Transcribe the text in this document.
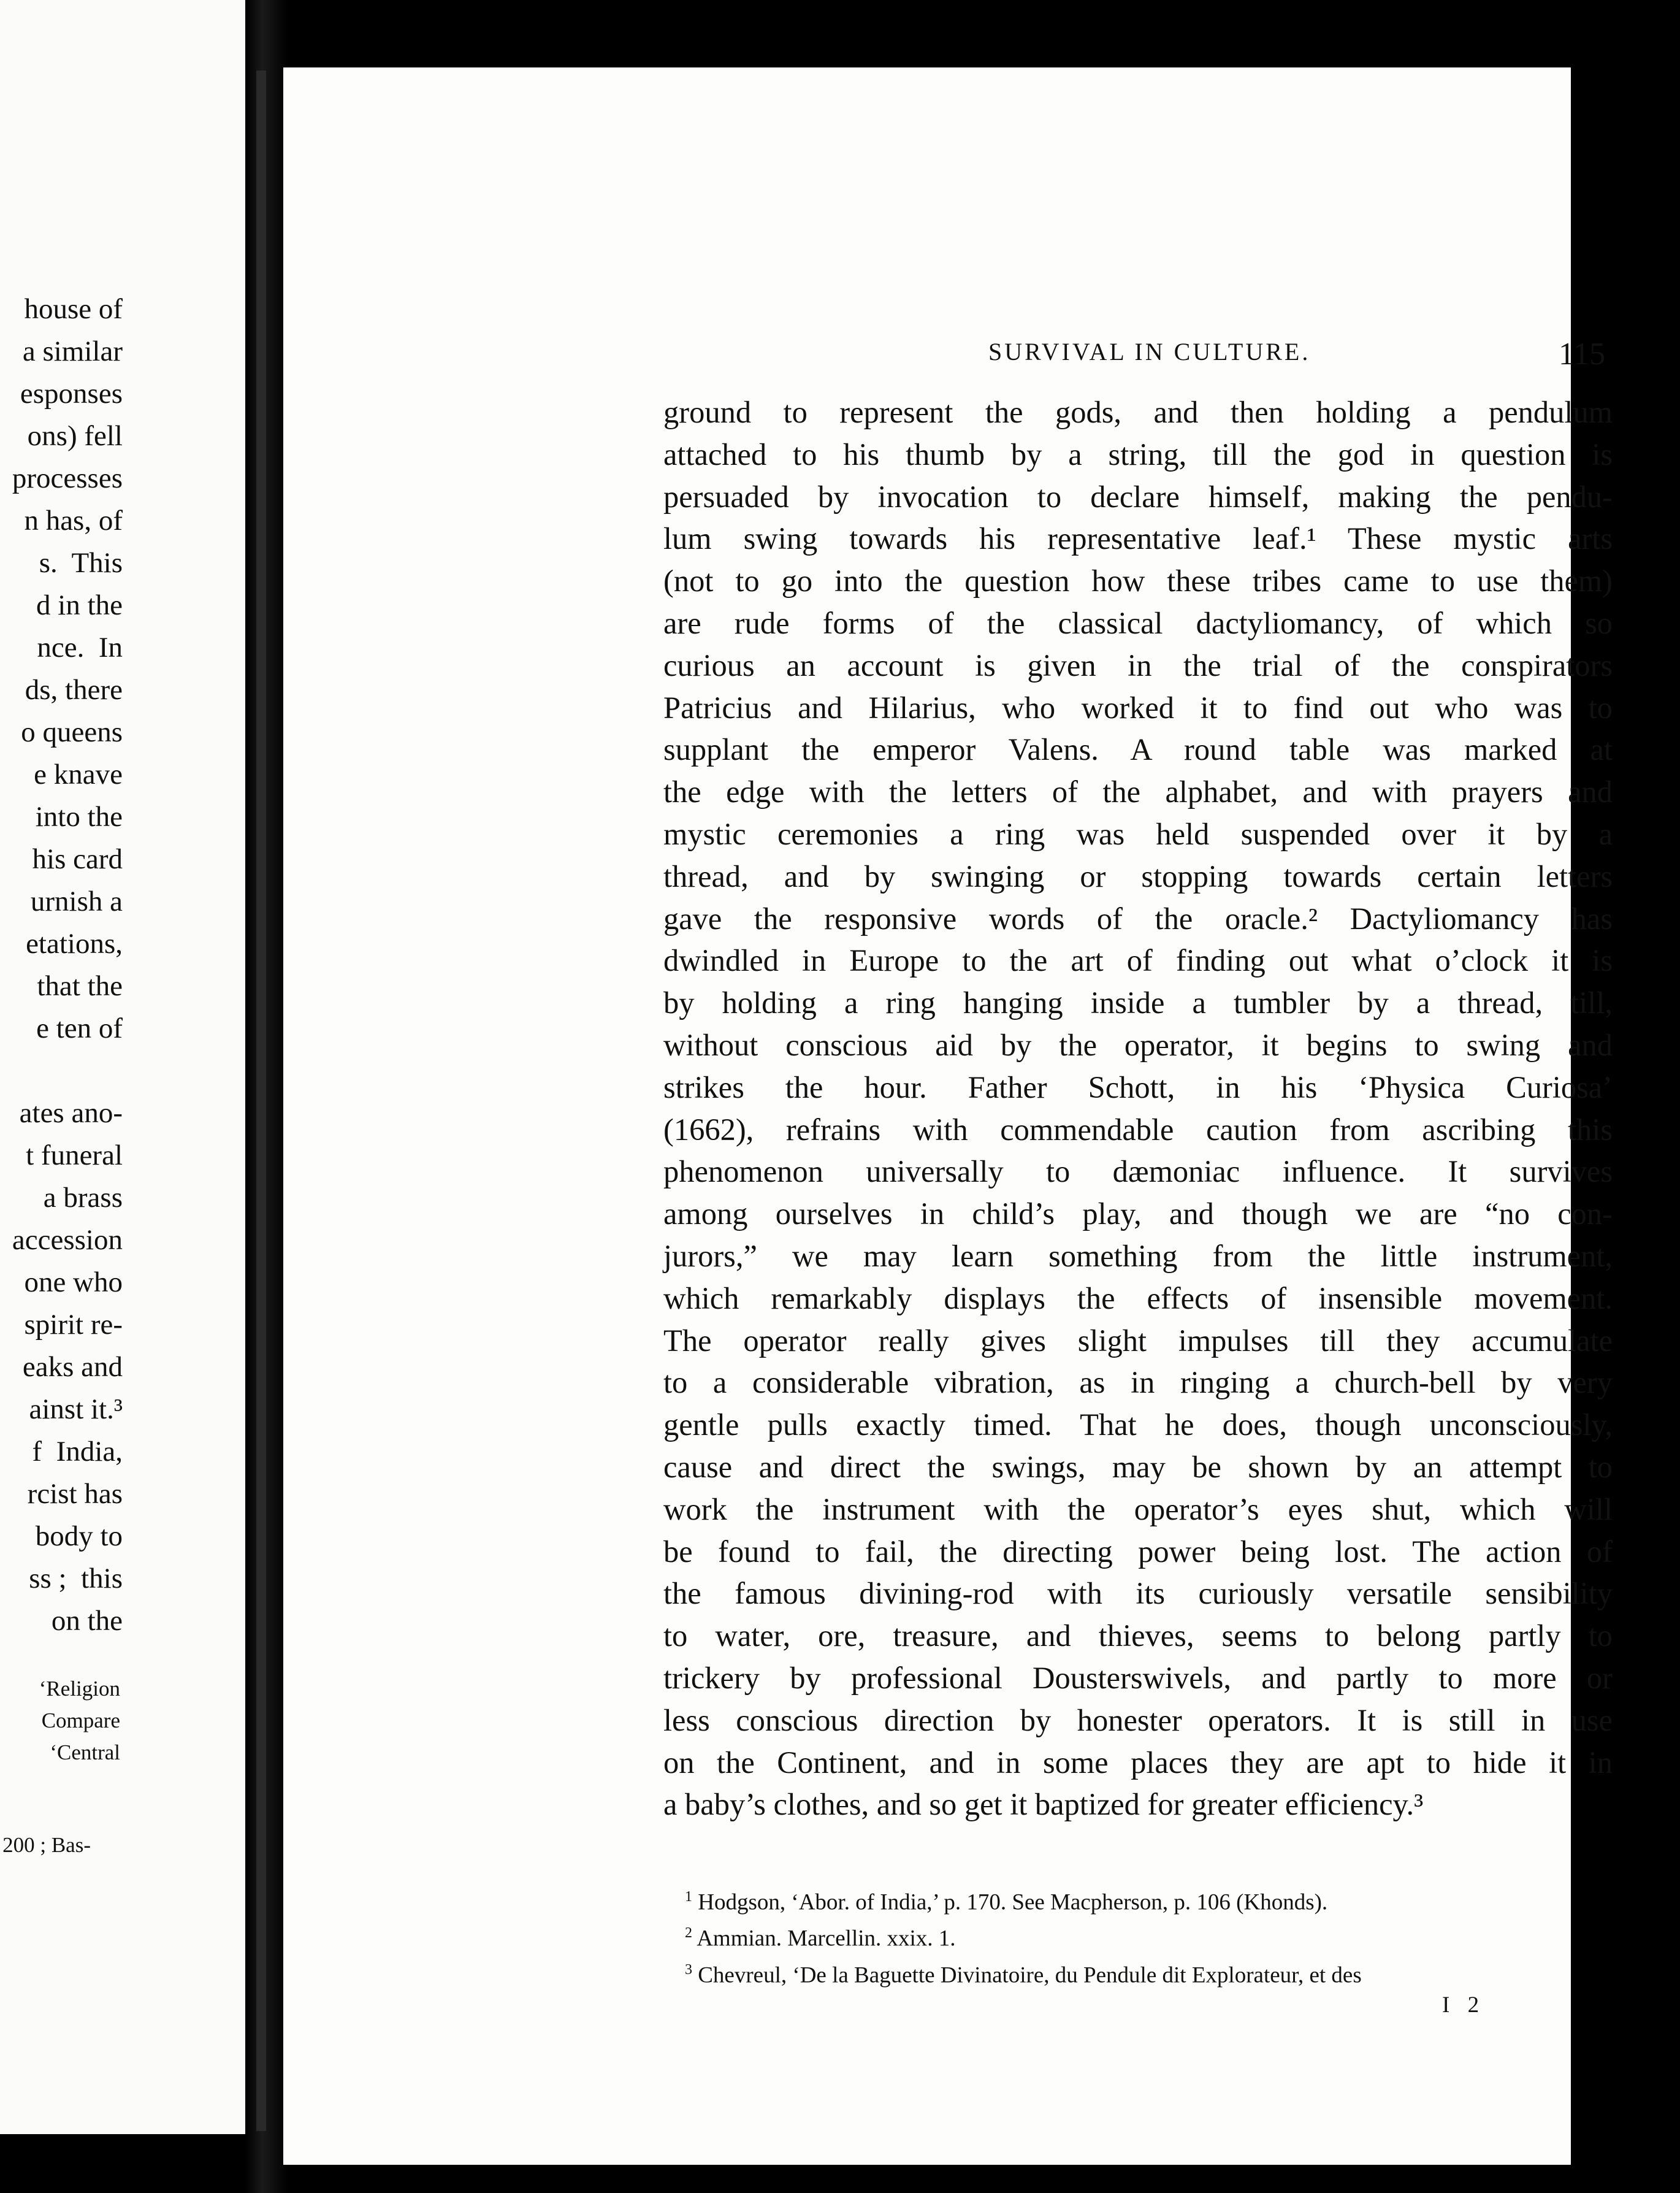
house of
a similar
esponses
ons) fell
processes
n has, of
s.  This
d in the
nce.  In
ds, there
o queens
e knave
into the
his card
urnish a
etations,
that the
e ten of
ates ano-
t funeral
a brass
accession
one who
spirit re-
eaks and
ainst it.³
f  India,
rcist has
body to
ss ;  this
on the
‘Religion
Compare
‘Central
200 ; Bas-
SURVIVAL IN CULTURE.	115
ground to represent the gods, and then holding a pendulum
attached to his thumb by a string, till the god in question is
persuaded by invocation to declare himself, making the pendu-
lum swing towards his representative leaf.¹ These mystic arts
(not to go into the question how these tribes came to use them)
are rude forms of the classical dactyliomancy, of which so
curious an account is given in the trial of the conspirators
Patricius and Hilarius, who worked it to find out who was to
supplant the emperor Valens. A round table was marked at
the edge with the letters of the alphabet, and with prayers and
mystic ceremonies a ring was held suspended over it by a
thread, and by swinging or stopping towards certain letters
gave the responsive words of the oracle.² Dactyliomancy has
dwindled in Europe to the art of finding out what o’clock it is
by holding a ring hanging inside a tumbler by a thread, till,
without conscious aid by the operator, it begins to swing and
strikes the hour. Father Schott, in his ‘Physica Curiosa’
(1662), refrains with commendable caution from ascribing this
phenomenon universally to dæmoniac influence. It survives
among ourselves in child’s play, and though we are “no con-
jurors,” we may learn something from the little instrument,
which remarkably displays the effects of insensible movement.
The operator really gives slight impulses till they accumulate
to a considerable vibration, as in ringing a church-bell by very
gentle pulls exactly timed. That he does, though unconsciously,
cause and direct the swings, may be shown by an attempt to
work the instrument with the operator’s eyes shut, which will
be found to fail, the directing power being lost. The action of
the famous divining-rod with its curiously versatile sensibility
to water, ore, treasure, and thieves, seems to belong partly to
trickery by professional Dousterswivels, and partly to more or
less conscious direction by honester operators. It is still in use
on the Continent, and in some places they are apt to hide it in
a baby’s clothes, and so get it baptized for greater efficiency.³
$^1$ Hodgson, ‘Abor. of India,’ p. 170. See Macpherson, p. 106 (Khonds).
$^2$ Ammian. Marcellin. xxix. 1.
$^3$ Chevreul, ‘De la Baguette Divinatoire, du Pendule dit Explorateur, et des
I 2
